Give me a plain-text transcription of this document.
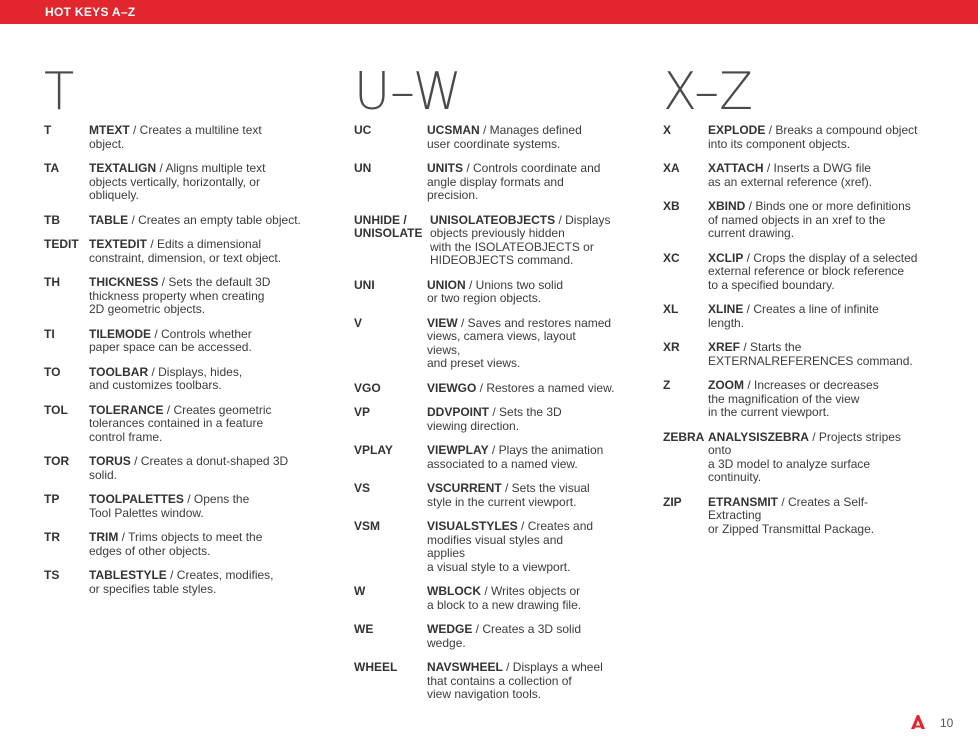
HOT KEYS A–Z
T
T	MTEXT / Creates a multiline text
object.
TA	TEXTALIGN / Aligns multiple text
objects vertically, horizontally, or
obliquely.
TB	TABLE / Creates an empty table object.
TEDIT TEXTEDIT / Edits a dimensional
constraint, dimension, or text object.
TH	THICKNESS / Sets the default 3D
thickness property when creating
2D geometric objects.
TI	TILEMODE / Controls whether
paper space can be accessed.
TO	TOOLBAR / Displays, hides,
and customizes toolbars.
TOL	TOLERANCE / Creates geometric
tolerances contained in a feature
control frame.
TOR	TORUS / Creates a donut-shaped 3D
solid.
TP	TOOLPALETTES / Opens the
Tool Palettes window.
TR	TRIM / Trims objects to meet the
edges of other objects.
TS	TABLESTYLE / Creates, modifies,
or specifies table styles.
U–W
UC	UCSMAN / Manages defined
user coordinate systems.
UN	UNITS / Controls coordinate and
angle display formats and
precision.
UNHIDE / UNISOLATE
UNISOLATEOBJECTS / Displays
objects previously hidden
with the ISOLATEOBJECTS or
HIDEOBJECTS command.
UNI	UNION / Unions two solid
or two region objects.
V	VIEW / Saves and restores named
views, camera views, layout
views,
and preset views.
VGO	VIEWGO / Restores a named view.
VP	DDVPOINT / Sets the 3D
viewing direction.
VPLAY	VIEWPLAY / Plays the animation
associated to a named view.
VS	VSCURRENT / Sets the visual
style in the current viewport.
VSM	VISUALSTYLES / Creates and
modifies visual styles and
applies
a visual style to a viewport.
W	WBLOCK / Writes objects or
a block to a new drawing file.
WE	WEDGE / Creates a 3D solid
wedge.
WHEEL	NAVSWHEEL / Displays a wheel
that contains a collection of
view navigation tools.
X–Z
X	EXPLODE / Breaks a compound object
into its component objects.
XA	XATTACH / Inserts a DWG file
as an external reference (xref).
XB	XBIND / Binds one or more definitions
of named objects in an xref to the
current drawing.
XC	XCLIP / Crops the display of a selected
external reference or block reference
to a specified boundary.
XL	XLINE / Creates a line of infinite
length.
XR	XREF / Starts the
EXTERNALREFERENCES command.
Z	ZOOM / Increases or decreases
the magnification of the view
in the current viewport.
ZEBRA ANALYSISZEBRA / Projects stripes
onto
a 3D model to analyze surface
continuity.
ZIP	ETRANSMIT / Creates a Self-
Extracting
or Zipped Transmittal Package.
10
